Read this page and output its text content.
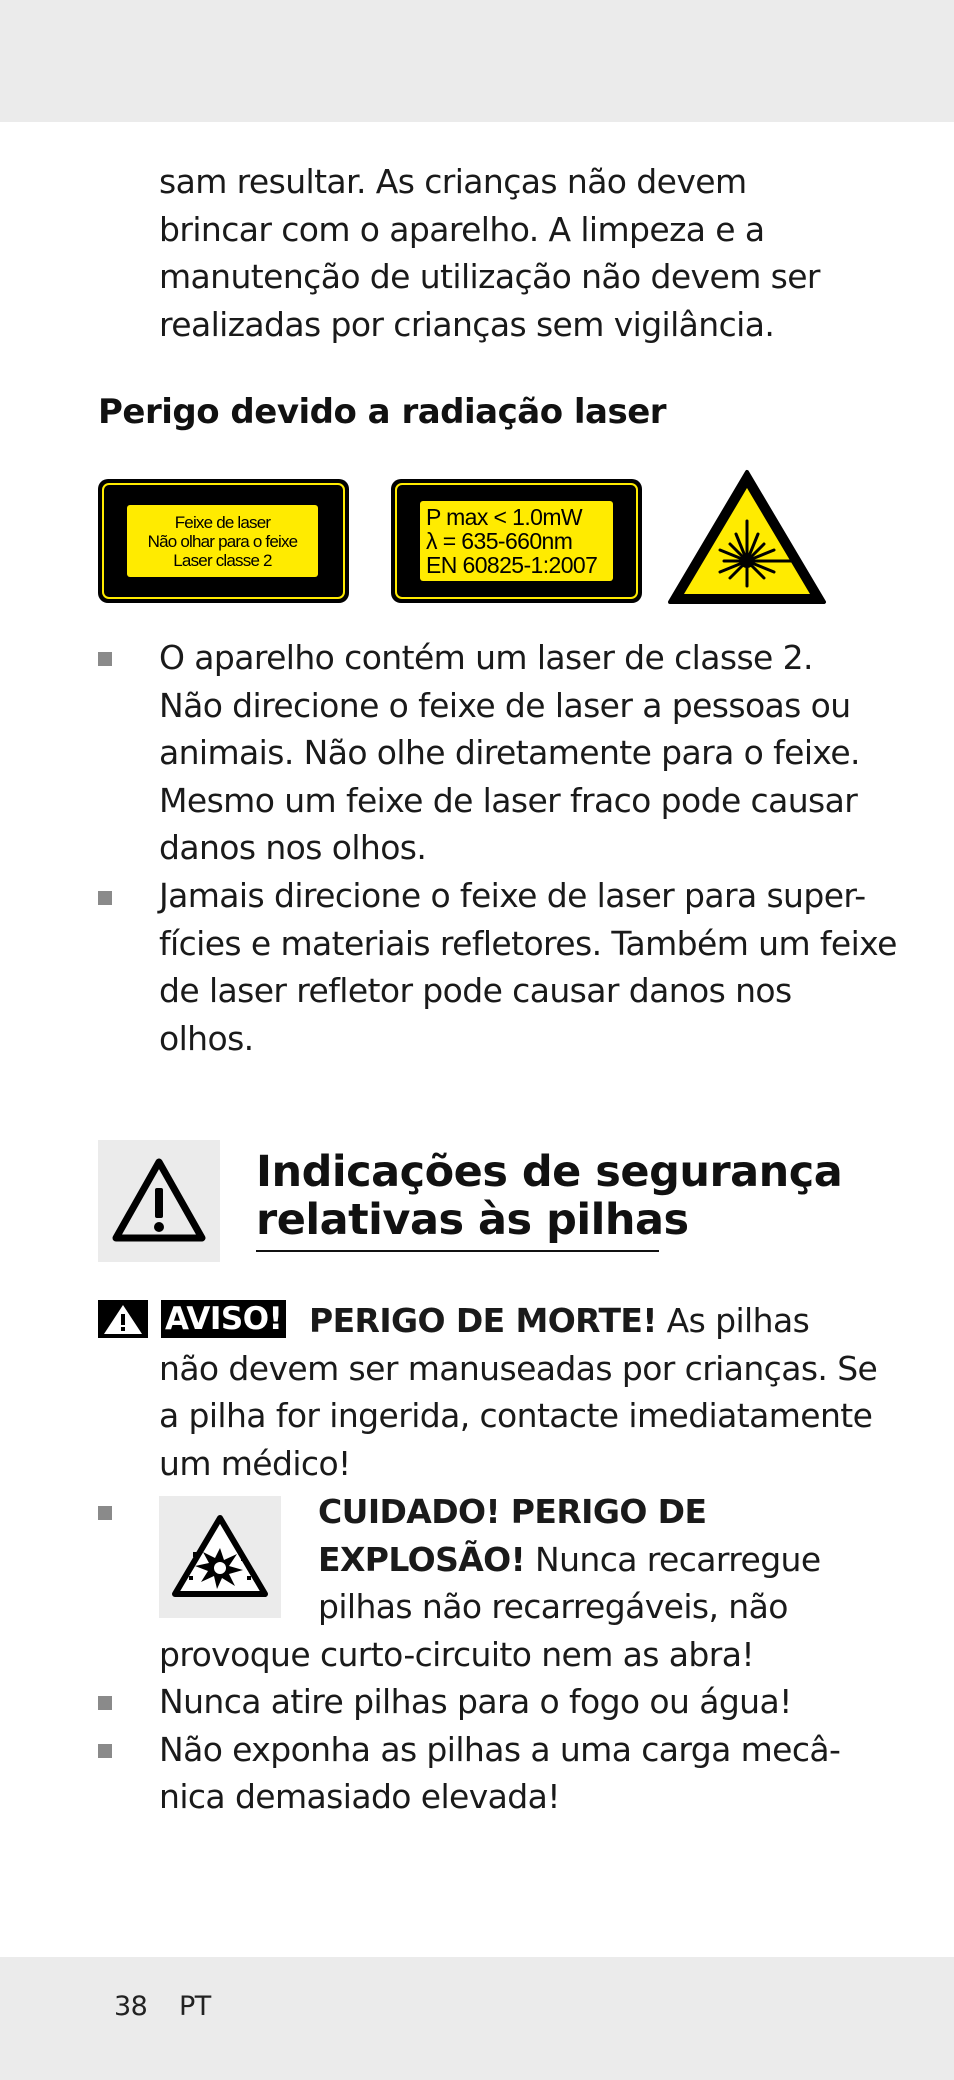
sam resultar. As crianças não devem
brincar com o aparelho. A limpeza e a
manutenção de utilização não devem ser
realizadas por crianças sem vigilância.
Perigo devido a radiação laser
Feixe de laser
Não olhar para o feixe
Laser classe 2
P max < 1.0mW
λ = 635-660nm
EN 60825-1:2007
O aparelho contém um laser de classe 2.
Não direcione o feixe de laser a pessoas ou
animais. Não olhe diretamente para o feixe.
Mesmo um feixe de laser fraco pode causar
danos nos olhos.
Jamais direcione o feixe de laser para super-
fícies e materiais refletores. Também um feixe
de laser refletor pode causar danos nos
olhos.
Indicações de segurança
relativas às pilhas
AVISO! PERIGO DE MORTE! As pilhas
não devem ser manuseadas por crianças. Se
a pilha for ingerida, contacte imediatamente
um médico!
CUIDADO! PERIGO DE
EXPLOSÃO! Nunca recarregue
pilhas não recarregáveis, não
provoque curto-circuito nem as abra!
Nunca atire pilhas para o fogo ou água!
Não exponha as pilhas a uma carga mecâ-
nica demasiado elevada!
38 PT
